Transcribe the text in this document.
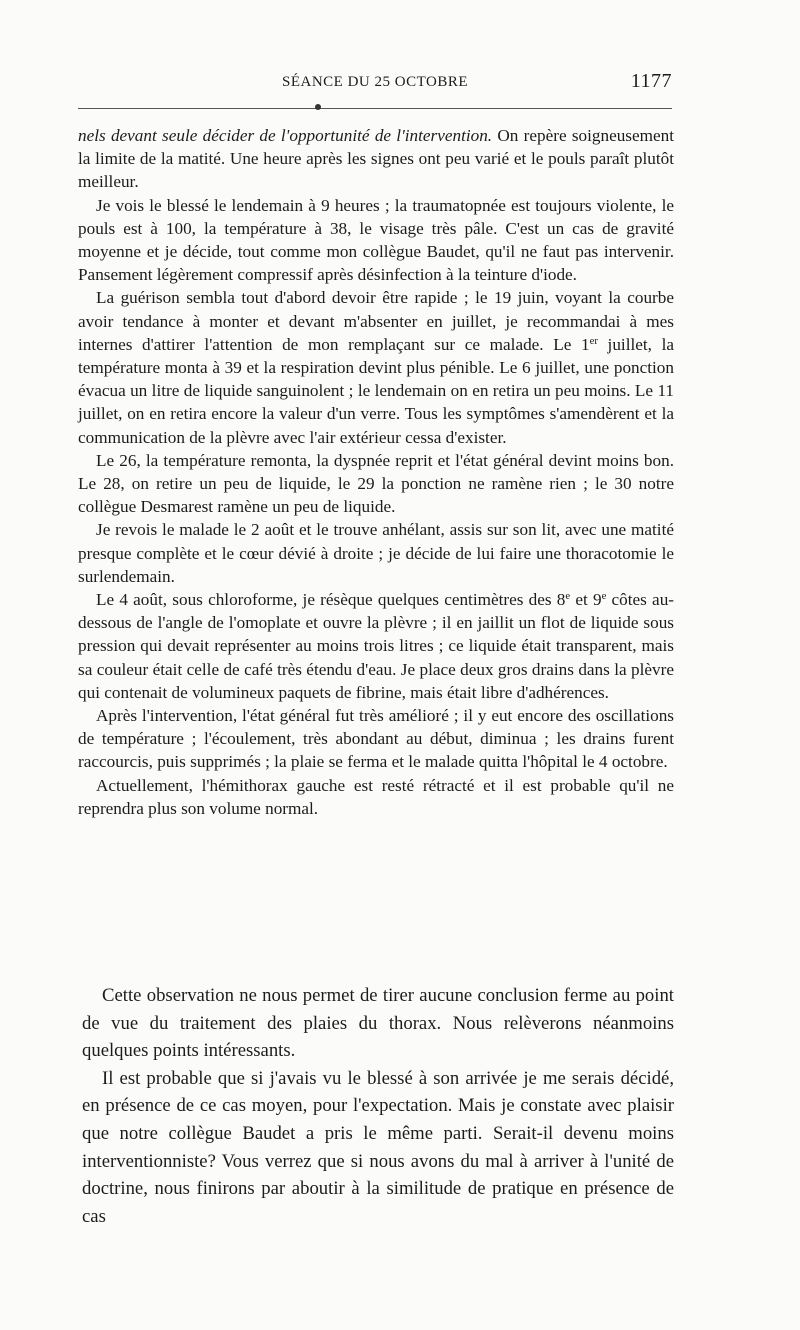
SÉANCE DU 25 OCTOBRE	1177

nels devant seule décider de l'opportunité de l'intervention. On repère soigneusement la limite de la matité. Une heure après les signes ont peu varié et le pouls paraît plutôt meilleur.

Je vois le blessé le lendemain à 9 heures ; la traumatopnée est toujours violente, le pouls est à 100, la température à 38, le visage très pâle. C'est un cas de gravité moyenne et je décide, tout comme mon collègue Baudet, qu'il ne faut pas intervenir. Pansement légèrement compressif après désinfection à la teinture d'iode.

La guérison sembla tout d'abord devoir être rapide ; le 19 juin, voyant la courbe avoir tendance à monter et devant m'absenter en juillet, je recommandai à mes internes d'attirer l'attention de mon remplaçant sur ce malade. Le 1er juillet, la température monta à 39 et la respiration devint plus pénible. Le 6 juillet, une ponction évacua un litre de liquide sanguinolent ; le lendemain on en retira un peu moins. Le 11 juillet, on en retira encore la valeur d'un verre. Tous les symptômes s'amendèrent et la communication de la plèvre avec l'air extérieur cessa d'exister.

Le 26, la température remonta, la dyspnée reprit et l'état général devint moins bon. Le 28, on retire un peu de liquide, le 29 la ponction ne ramène rien ; le 30 notre collègue Desmarest ramène un peu de liquide.

Je revois le malade le 2 août et le trouve anhélant, assis sur son lit, avec une matité presque complète et le cœur dévié à droite ; je décide de lui faire une thoracotomie le surlendemain.

Le 4 août, sous chloroforme, je résèque quelques centimètres des 8e et 9e côtes au-dessous de l'angle de l'omoplate et ouvre la plèvre ; il en jaillit un flot de liquide sous pression qui devait représenter au moins trois litres ; ce liquide était transparent, mais sa couleur était celle de café très étendu d'eau. Je place deux gros drains dans la plèvre qui contenait de volumineux paquets de fibrine, mais était libre d'adhérences.

Après l'intervention, l'état général fut très amélioré ; il y eut encore des oscillations de température ; l'écoulement, très abondant au début, diminua ; les drains furent raccourcis, puis supprimés ; la plaie se ferma et le malade quitta l'hôpital le 4 octobre.

Actuellement, l'hémithorax gauche est resté rétracté et il est probable qu'il ne reprendra plus son volume normal.

Cette observation ne nous permet de tirer aucune conclusion ferme au point de vue du traitement des plaies du thorax. Nous relèverons néanmoins quelques points intéressants.

Il est probable que si j'avais vu le blessé à son arrivée je me serais décidé, en présence de ce cas moyen, pour l'expectation. Mais je constate avec plaisir que notre collègue Baudet a pris le même parti. Serait-il devenu moins interventionniste? Vous verrez que si nous avons du mal à arriver à l'unité de doctrine, nous finirons par aboutir à la similitude de pratique en présence de cas
